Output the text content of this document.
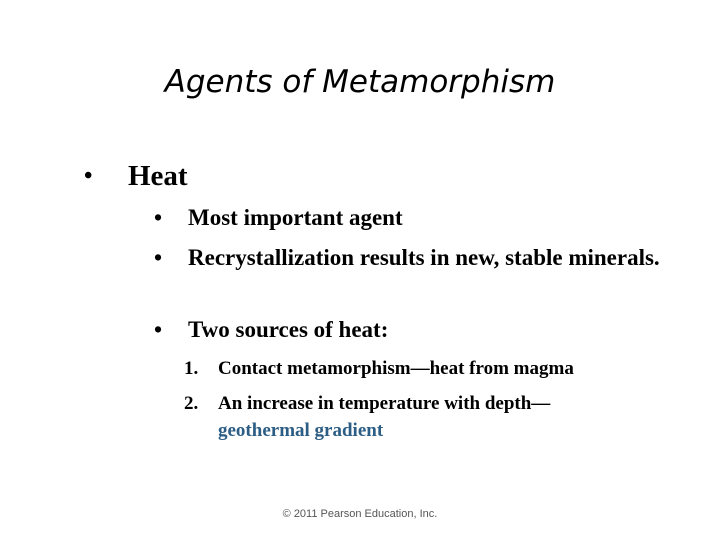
Agents of Metamorphism
• Heat
• Most important agent
• Recrystallization results in new, stable minerals.
• Two sources of heat:
1. Contact metamorphism—heat from magma
2. An increase in temperature with depth—
geothermal gradient
© 2011 Pearson Education, Inc.
